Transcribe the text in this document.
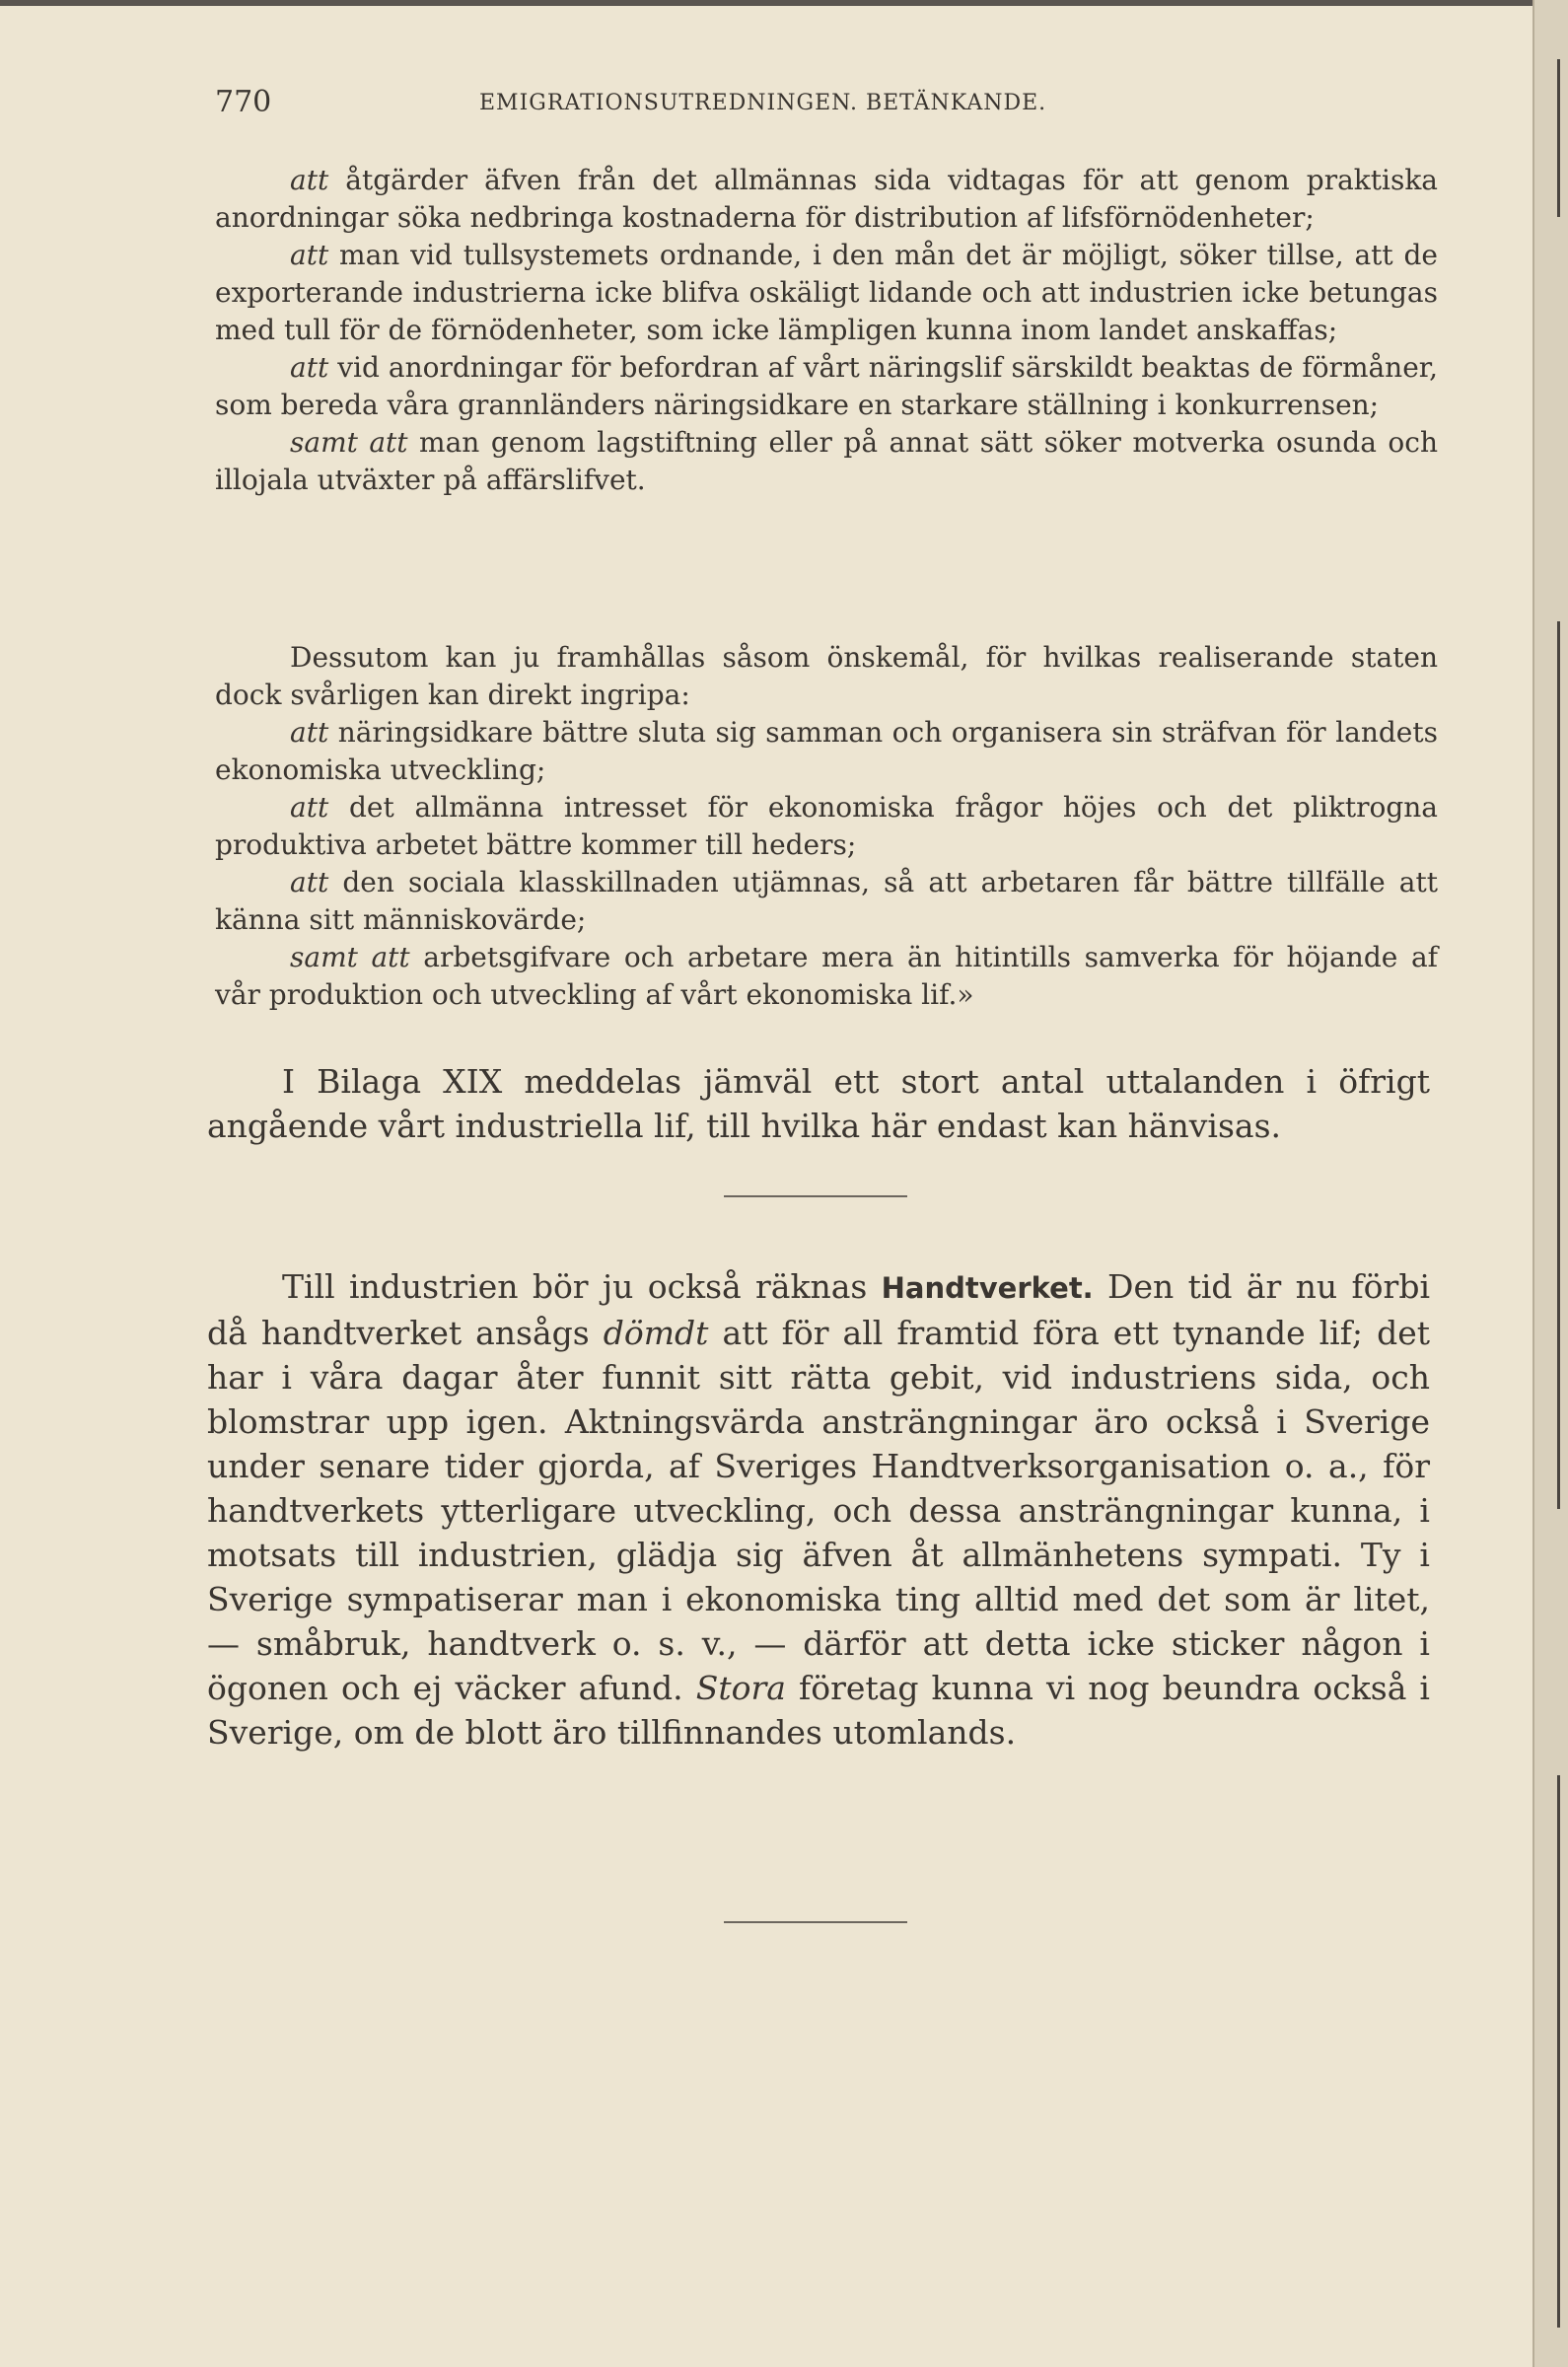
770	EMIGRATIONSUTREDNINGEN. BETÄNKANDE.

att åtgärder äfven från det allmännas sida vidtagas för att genom praktiska anordningar söka nedbringa kostnaderna för distribution af lifsförnödenheter;

att man vid tullsystemets ordnande, i den mån det är möjligt, söker tillse, att de exporterande industrierna icke blifva oskäligt lidande och att industrien icke betungas med tull för de förnödenheter, som icke lämpligen kunna inom landet anskaffas;

att vid anordningar för befordran af vårt näringslif särskildt beaktas de förmåner, som bereda våra grannländers näringsidkare en starkare ställning i konkurrensen;

samt att man genom lagstiftning eller på annat sätt söker motverka osunda och illojala utväxter på affärslifvet.

Dessutom kan ju framhållas såsom önskemål, för hvilkas realiserande staten dock svårligen kan direkt ingripa:

att näringsidkare bättre sluta sig samman och organisera sin sträfvan för landets ekonomiska utveckling;

att det allmänna intresset för ekonomiska frågor höjes och det pliktrogna produktiva arbetet bättre kommer till heders;

att den sociala klasskillnaden utjämnas, så att arbetaren får bättre tillfälle att känna sitt människovärde;

samt att arbetsgifvare och arbetare mera än hitintills samverka för höjande af vår produktion och utveckling af vårt ekonomiska lif.»

I Bilaga XIX meddelas jämväl ett stort antal uttalanden i öfrigt angående vårt industriella lif, till hvilka här endast kan hänvisas.

Till industrien bör ju också räknas Handtverket. Den tid är nu förbi då handtverket ansågs dömdt att för all framtid föra ett tynande lif; det har i våra dagar åter funnit sitt rätta gebit, vid industriens sida, och blomstrar upp igen. Aktningsvärda ansträngningar äro också i Sverige under senare tider gjorda, af Sveriges Handtverksorganisation o. a., för handtverkets ytterligare utveckling, och dessa ansträngningar kunna, i motsats till industrien, glädja sig äfven åt allmänhetens sympati. Ty i Sverige sympatiserar man i ekonomiska ting alltid med det som är litet, — småbruk, handtverk o. s. v., — därför att detta icke sticker någon i ögonen och ej väcker afund. Stora företag kunna vi nog beundra också i Sverige, om de blott äro tillfinnandes utomlands.
